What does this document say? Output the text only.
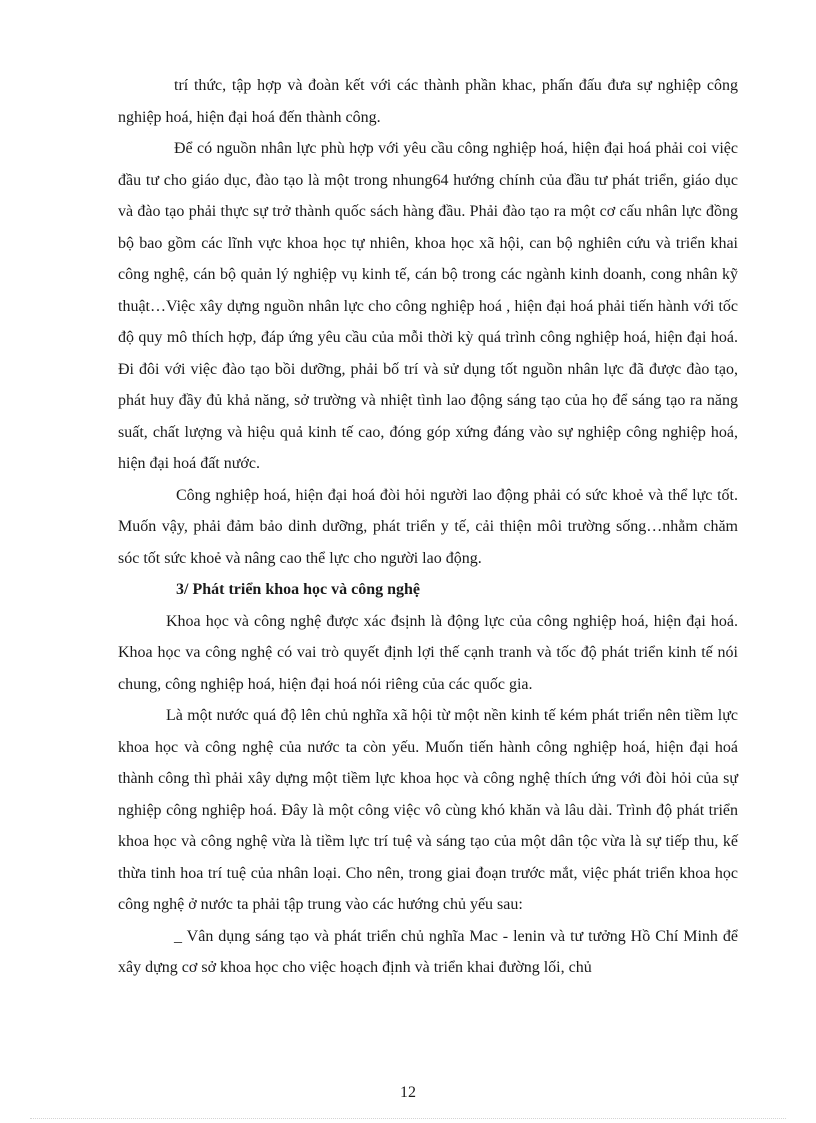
trí thức, tập hợp và đoàn kết với các thành phần khac, phấn đấu đưa sự nghiệp công nghiệp hoá, hiện đại hoá đến thành công.

Để có nguồn nhân lực phù hợp với yêu cầu công nghiệp hoá, hiện đại hoá phải coi việc đầu tư cho giáo dục, đào tạo là một trong nhung64 hướng chính của đầu tư phát triển, giáo dục và đào tạo phải thực sự trở thành quốc sách hàng đầu. Phải đào tạo ra một cơ cấu nhân lực đồng bộ bao gồm các lĩnh vực khoa học tự nhiên, khoa học xã hội, can bộ nghiên cứu và triển khai công nghệ, cán bộ quản lý nghiệp vụ kinh tế, cán bộ trong các ngành kinh doanh, cong nhân kỹ thuật…Việc xây dựng nguồn nhân lực cho công nghiệp hoá , hiện đại hoá phải tiến hành với tốc độ quy mô thích hợp, đáp ứng yêu cầu của mỗi thời kỳ quá trình công nghiệp hoá, hiện đại hoá. Đi đôi với việc đào tạo bồi dưỡng, phải bố trí và sử dụng tốt nguồn nhân lực đã được đào tạo, phát huy đầy đủ khả năng, sở trường và nhiệt tình lao động sáng tạo của họ để sáng tạo ra năng suất, chất lượng và hiệu quả kinh tế cao, đóng góp xứng đáng vào sự nghiệp công nghiệp hoá, hiện đại hoá đất nước.

Công nghiệp hoá, hiện đại hoá đòi hỏi người lao động phải có sức khoẻ và thể lực tốt. Muốn vậy, phải đảm bảo dinh dưỡng, phát triển y tế, cải thiện môi trường sống…nhằm chăm sóc tốt sức khoẻ và nâng cao thể lực cho người lao động.

3/ Phát triển khoa học và công nghệ

Khoa học và công nghệ được xác đsịnh là động lực của công nghiệp hoá, hiện đại hoá. Khoa học va công nghệ có vai trò quyết định lợi thế cạnh tranh và tốc độ phát triển kinh tế nói chung, công nghiệp hoá, hiện đại hoá nói riêng của các quốc gia.

Là một nước quá độ lên chủ nghĩa xã hội từ một nền kinh tế kém phát triển nên tiềm lực khoa học và công nghệ của nước ta còn yếu. Muốn tiến hành công nghiệp hoá, hiện đại hoá thành công thì phải xây dựng một tiềm lực khoa học và công nghệ thích ứng với đòi hỏi của sự nghiệp công nghiệp hoá. Đây là một công việc vô cùng khó khăn và lâu dài. Trình độ phát triển khoa học và công nghệ vừa là tiềm lực trí tuệ và sáng tạo của một dân tộc vừa là sự tiếp thu, kế thừa tinh hoa trí tuệ của nhân loại. Cho nên, trong giai đoạn trước mắt, việc phát triển khoa học công nghệ ở nước ta phải tập trung vào các hướng chủ yếu sau:

_ Vân dụng sáng tạo và phát triển chủ nghĩa Mac - lenin và tư tưởng Hồ Chí Minh để xây dựng cơ sở khoa học cho việc hoạch định và triển khai đường lối, chủ

12
